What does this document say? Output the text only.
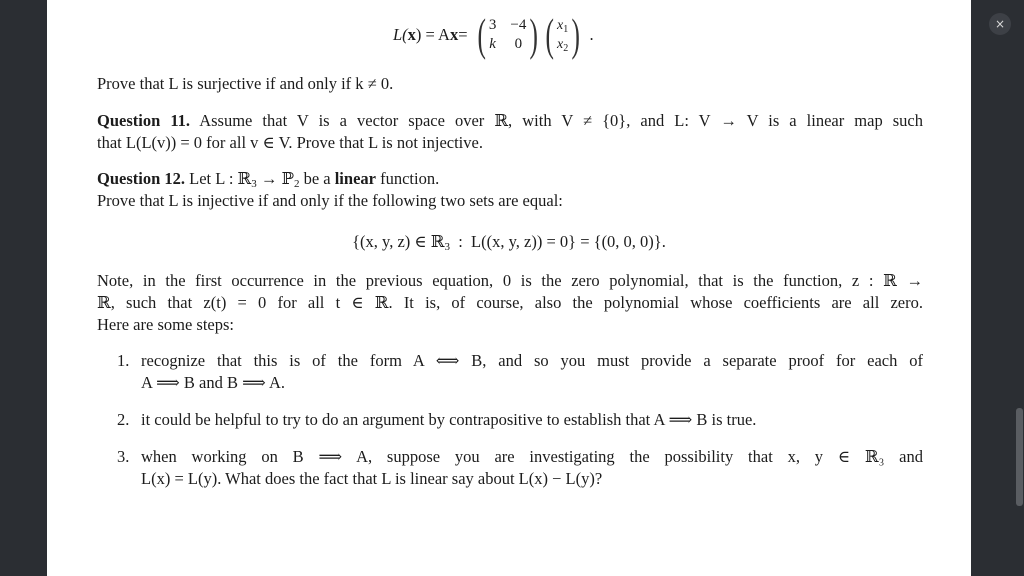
L( x ) = A x = ( 3 −4
k 0 ) ( $x_1$
$x_2$ ) .
Prove that L is surjective if and only if k ≠ 0.
Question 11. Assume that V is a vector space over ℝ, with V ≠ {0}, and L: V → V is a linear map such
that L(L(v)) = 0 for all v ∈ V. Prove that L is not injective.
Question 12. Let L : ℝ$_3$ → ℙ$_2$ be a linear function.
Prove that L is injective if and only if the following two sets are equal:
{(x, y, z) ∈ ℝ$_3$  :  L((x, y, z)) = 0} = {(0, 0, 0)}.
Note, in the first occurrence in the previous equation, 0 is the zero polynomial, that is the function, z : ℝ →
ℝ, such that z(t) = 0 for all t ∈ ℝ. It is, of course, also the polynomial whose coefficients are all zero.
Here are some steps:
1. recognize that this is of the form A ⟺ B, and so you must provide a separate proof for each of
A ⟹ B and B ⟹ A.
2. it could be helpful to try to do an argument by contrapositive to establish that A ⟹ B is true.
3. when working on B ⟹ A, suppose you are investigating the possibility that x, y ∈ ℝ₃ and
L(x) = L(y). What does the fact that L is linear say about L(x) − L(y)?
×
